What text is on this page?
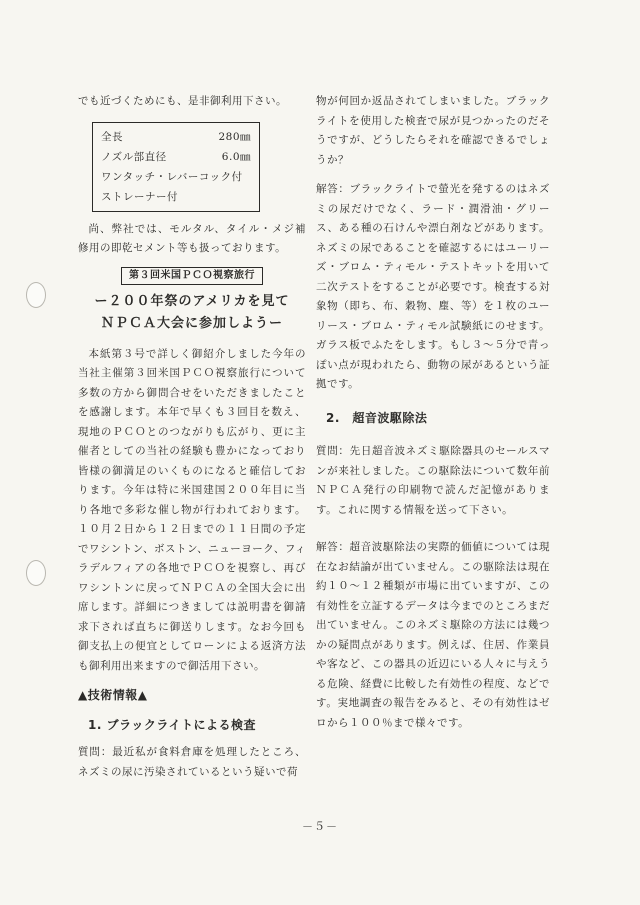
でも近づくためにも、是非御利用下さい。

全長	280㎜
ノズル部直径	6.0㎜
ワンタッチ・レバーコック付
ストレーナー付

尚、弊社では、モルタル、タイル・メジ補修用の即乾セメント等も扱っております。

第３回米国ＰＣＯ視察旅行
ー２００年祭のアメリカを見て
ＮＰＣＡ大会に参加しようー

本紙第３号で詳しく御紹介しました今年の当社主催第３回米国ＰＣＯ視察旅行について多数の方から御問合せをいただきましたことを感謝します。本年で早くも３回目を数え、現地のＰＣＯとのつながりも広がり、更に主催者としての当社の経験も豊かになっており皆様の御満足のいくものになると確信しております。今年は特に米国建国２００年目に当り各地で多彩な催し物が行われております。１０月２日から１２日までの１１日間の予定でワシントン、ボストン、ニューヨーク、フィラデルフィアの各地でＰＣＯを視察し、再びワシントンに戻ってＮＰＣＡの全国大会に出席します。詳細につきましては説明書を御請求下されば直ちに御送りします。なお今回も御支払上の便宜としてローンによる返済方法も御利用出来ますので御活用下さい。

▲技術情報▲
1. ブラックライトによる検査

質問：最近私が食料倉庫を処理したところ、ネズミの尿に汚染されているという疑いで荷

物が何回か返品されてしまいました。ブラックライトを使用した検査で尿が見つかったのだそうですが、どうしたらそれを確認できるでしょうか？

解答：ブラックライトで螢光を発するのはネズミの尿だけでなく、ラード・潤滑油・グリース、ある種の石けんや漂白剤などがあります。ネズミの尿であることを確認するにはユーリーズ・ブロム・ティモル・テストキットを用いて二次テストをすることが必要です。検査する対象物（即ち、布、穀物、塵、等）を１枚のユーリース・ブロム・ティモル試験紙にのせます。ガラス板でふたをします。もし３～５分で青っぽい点が現われたら、動物の尿があるという証拠です。

2.　超音波駆除法

質問：先日超音波ネズミ駆除器具のセールスマンが来社しました。この駆除法について数年前ＮＰＣＡ発行の印刷物で読んだ記憶があります。これに関する情報を送って下さい。

解答：超音波駆除法の実際的価値については現在なお結論が出ていません。この駆除法は現在約１０～１２種類が市場に出ていますが、この有効性を立証するデータは今までのところまだ出ていません。このネズミ駆除の方法には幾つかの疑問点があります。例えば、住居、作業員や客など、この器具の近辺にいる人々に与えうる危険、経費に比較した有効性の程度、などです。実地調査の報告をみると、その有効性はゼロから１００％まで様々です。

－５－
